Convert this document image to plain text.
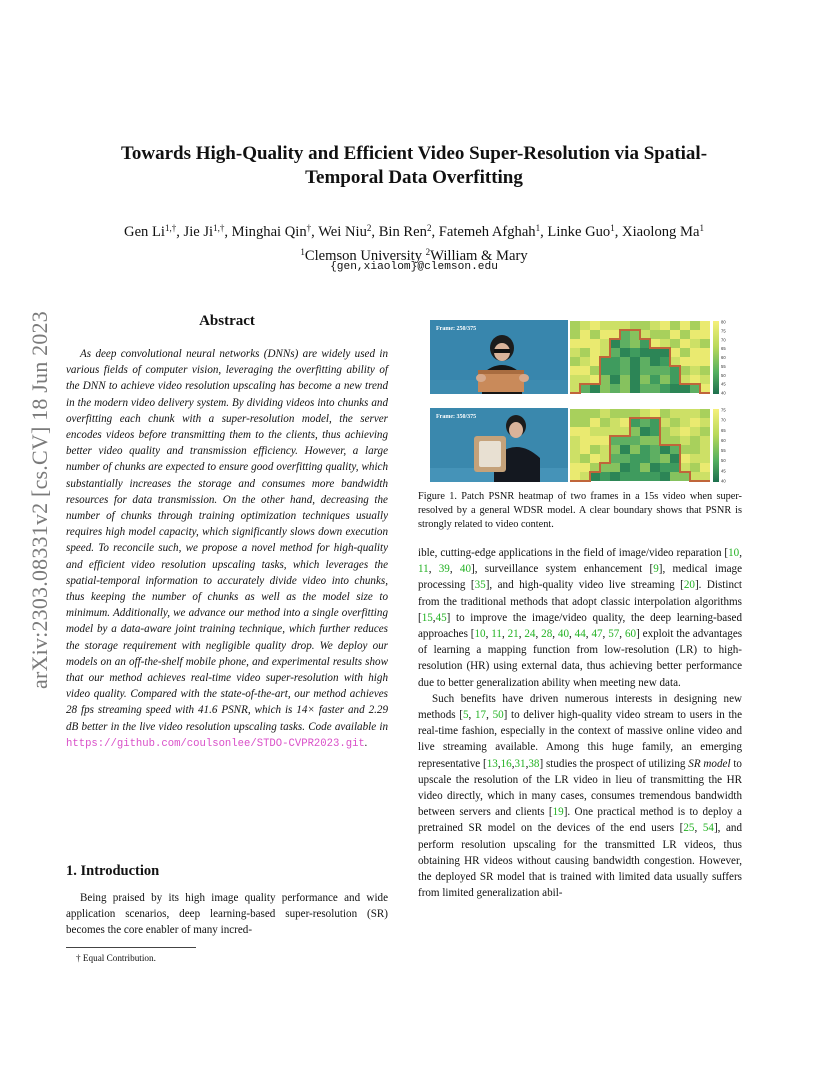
arXiv:2303.08331v2 [cs.CV] 18 Jun 2023
Towards High-Quality and Efficient Video Super-Resolution via Spatial-Temporal Data Overfitting
Gen $Li^{1,\dagger}$, Jie $Ji^{1,\dagger}$, Minghai Qin†, Wei Niu$^2$, Bin Ren$^2$, Fatemeh Afghah$^1$, Linke Guo$^1$, Xiaolong Ma$^1$
$^1$Clemson University $^2$William & Mary
{gen,xiaolom}@clemson.edu
Abstract

As deep convolutional neural networks (DNNs) are widely used in various fields of computer vision, leveraging the overfitting ability of the DNN to achieve video resolution upscaling has become a new trend in the modern video delivery system. By dividing videos into chunks and overfitting each chunk with a super-resolution model, the server encodes videos before transmitting them to the clients, thus achieving better video quality and transmission efficiency. However, a large number of chunks are expected to ensure good overfitting quality, which substantially increases the storage and consumes more bandwidth resources for data transmission. On the other hand, decreasing the number of chunks through training optimization techniques usually requires high model capacity, which significantly slows down execution speed. To reconcile such, we propose a novel method for high-quality and efficient video resolution upscaling tasks, which leverages the spatial-temporal information to accurately divide video into chunks, thus keeping the number of chunks as well as the model size to minimum. Additionally, we advance our method into a single overfitting model by a data-aware joint training technique, which further reduces the storage requirement with negligible quality drop. We deploy our models on an off-the-shelf mobile phone, and experimental results show that our method achieves real-time video super-resolution with high video quality. Compared with the state-of-the-art, our method achieves 28 fps streaming speed with 41.6 PSNR, which is 14× faster and 2.29 dB better in the live video resolution upscaling tasks. Code available in https://github.com/coulsonlee/STDO-CVPR2023.git.

1. Introduction

Being praised by its high image quality performance and wide application scenarios, deep learning-based super-resolution (SR) becomes the core enabler of many incred-

† Equal Contribution.
Frame: 250/375
80
75
70
65
60
55
50
45
40
Frame: 350/375
75
70
65
60
55
50
45
40
Figure 1. Patch PSNR heatmap of two frames in a 15s video when super-resolved by a general WDSR model. A clear boundary shows that PSNR is strongly related to video content.

ible, cutting-edge applications in the field of image/video reparation [10, 11, 39, 40], surveillance system enhancement [9], medical image processing [35], and high-quality video live streaming [20]. Distinct from the traditional methods that adopt classic interpolation algorithms [15,45] to improve the image/video quality, the deep learning-based approaches [10, 11, 21, 24, 28, 40, 44, 47, 57, 60] exploit the advantages of learning a mapping function from low-resolution (LR) to high-resolution (HR) using external data, thus achieving better performance due to better generalization ability when meeting new data.

Such benefits have driven numerous interests in designing new methods [5, 17, 50] to deliver high-quality video stream to users in the real-time fashion, especially in the context of massive online video and live streaming available. Among this huge family, an emerging representative [13,16,31,38] studies the prospect of utilizing SR model to upscale the resolution of the LR video in lieu of transmitting the HR video directly, which in many cases, consumes tremendous bandwidth between servers and clients [19]. One practical method is to deploy a pretrained SR model on the devices of the end users [25, 54], and perform resolution upscaling for the transmitted LR videos, thus obtaining HR videos without causing bandwidth congestion. However, the deployed SR model that is trained with limited data usually suffers from limited generalization abil-
